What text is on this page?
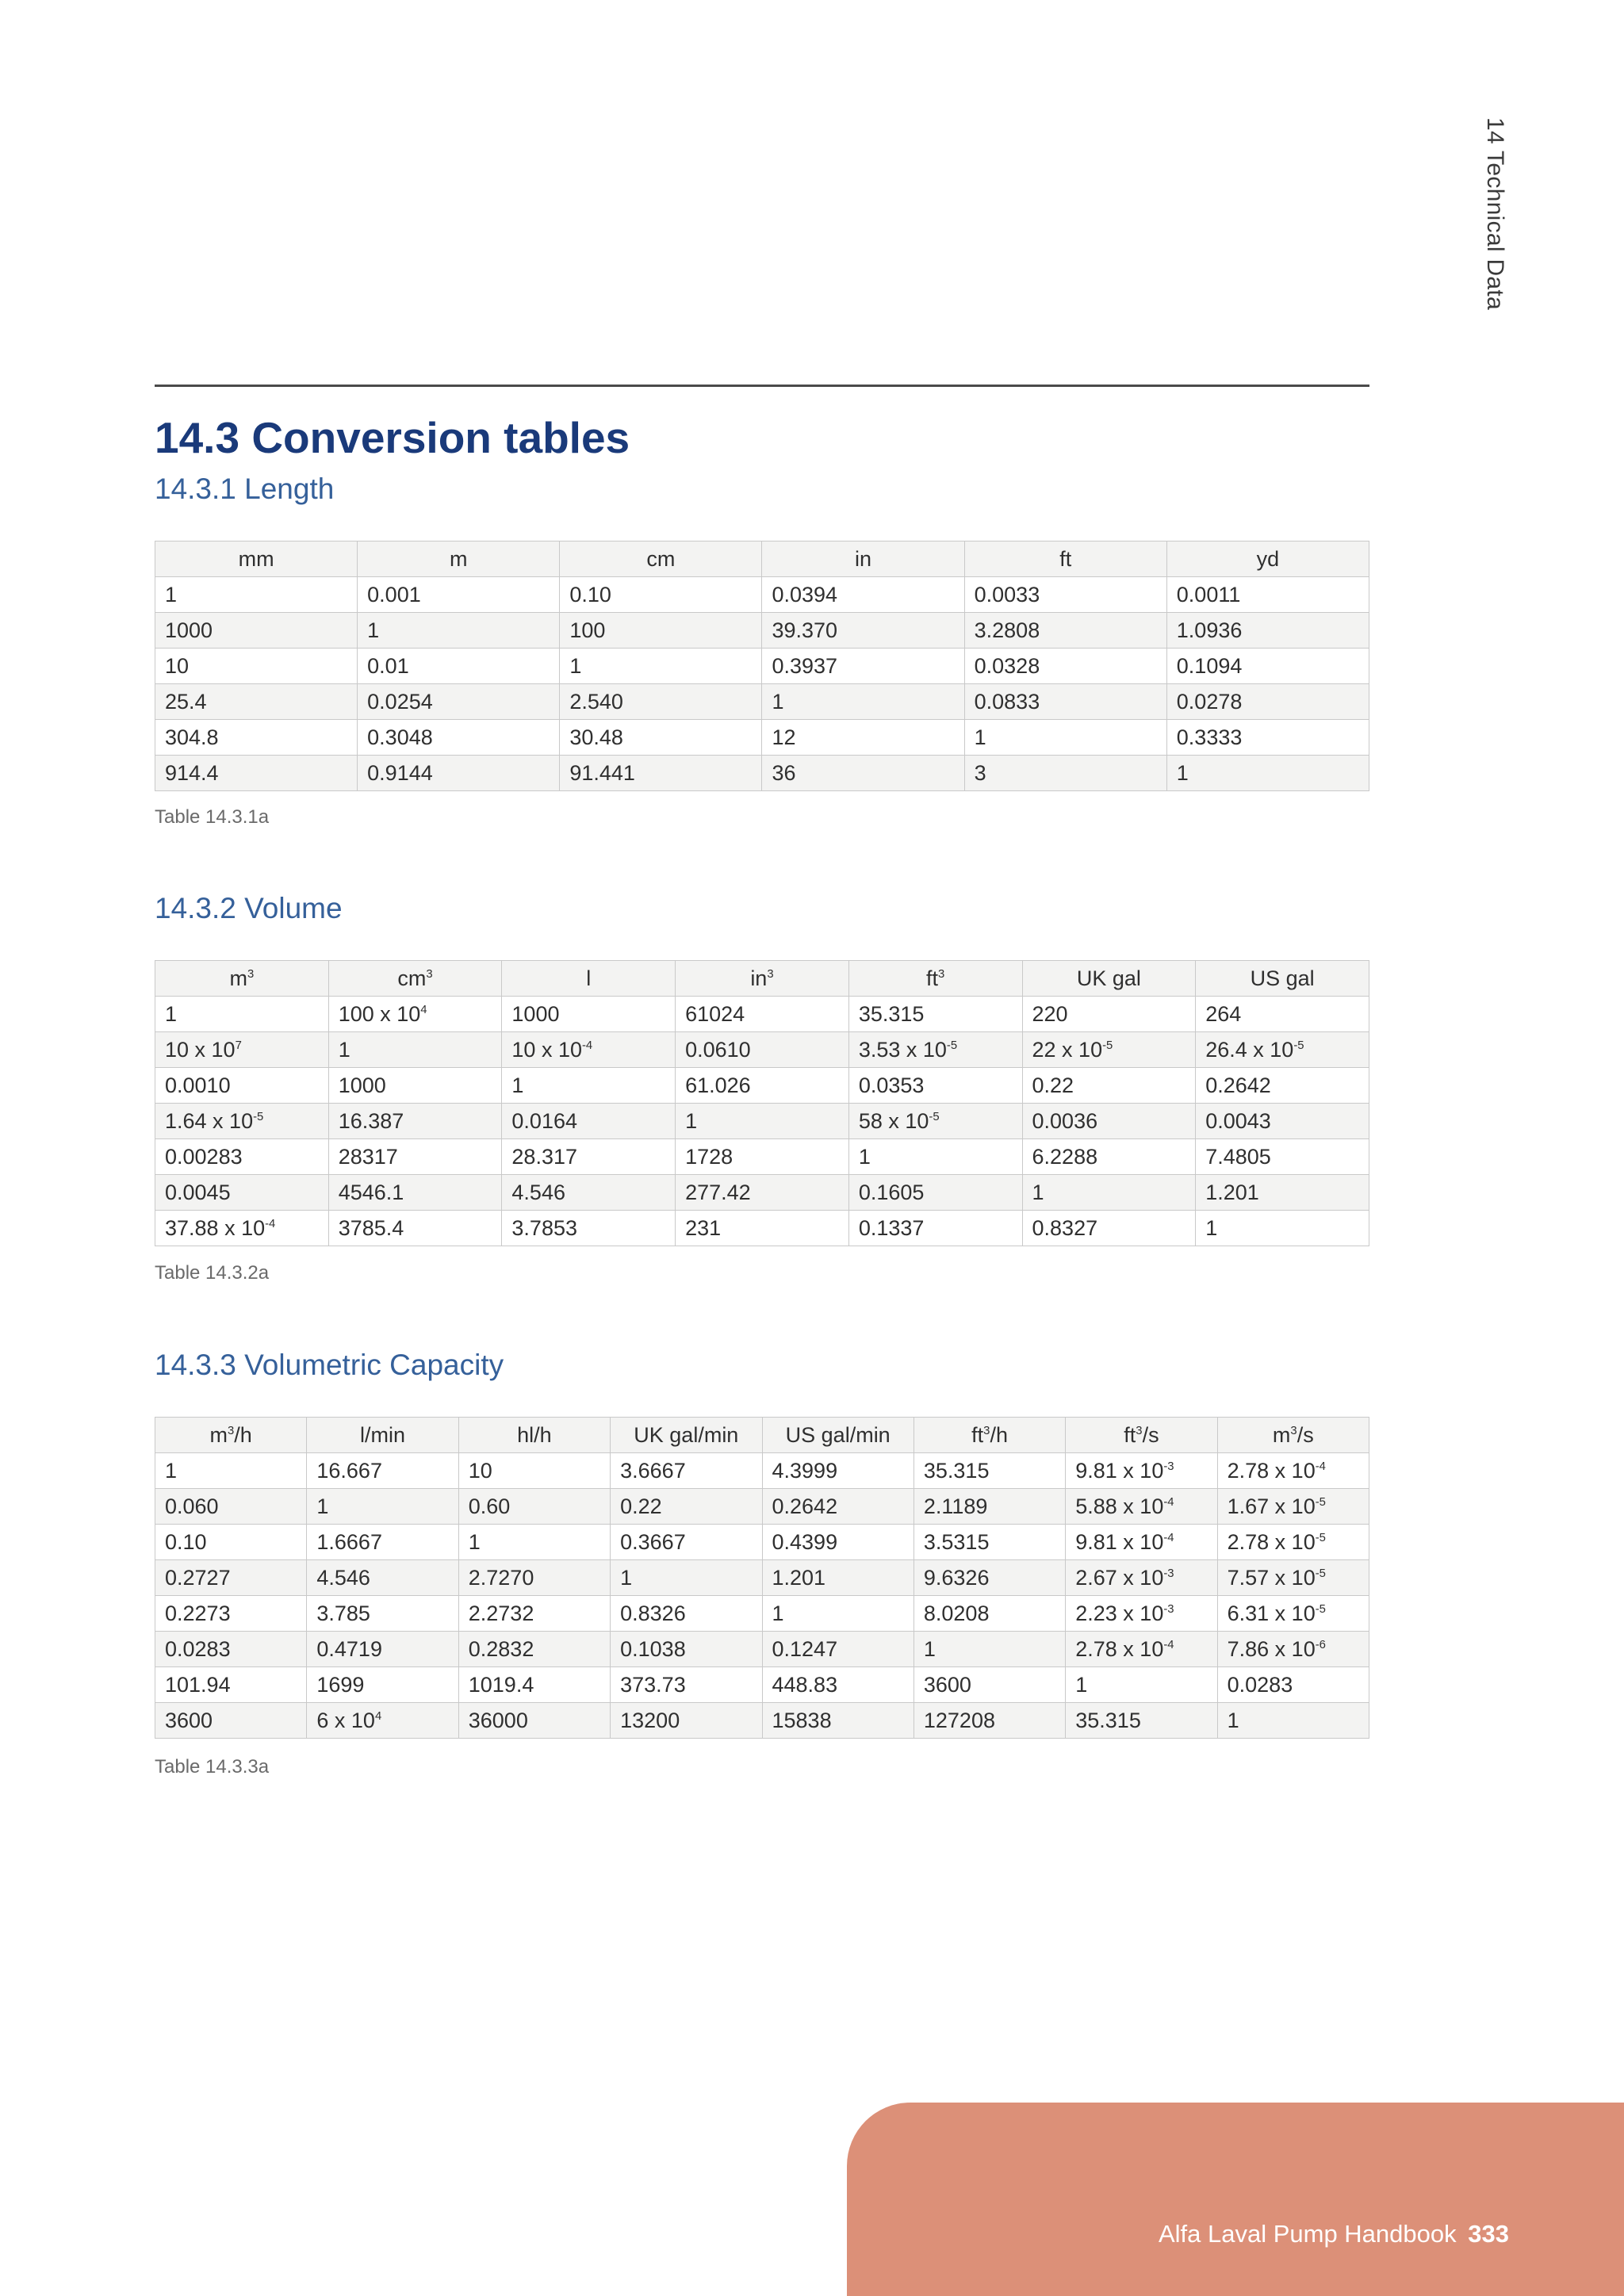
14 Technical Data
14.3 Conversion tables
14.3.1 Length
mm	m	cm	in	ft	yd
1	0.001	0.10	0.0394	0.0033	0.0011
1000	1	100	39.370	3.2808	1.0936
10	0.01	1	0.3937	0.0328	0.1094
25.4	0.0254	2.540	1	0.0833	0.0278
304.8	0.3048	30.48	12	1	0.3333
914.4	0.9144	91.441	36	3	1
Table 14.3.1a
14.3.2 Volume
$m^3$	$cm^3$	l	$in^3$	$ft^3$	UK gal	US gal
1	100 x $10^4$	1000	61024	35.315	220	264
10 x $10^7$	1	10 x $10^{-4}$	0.0610	3.53 x $10^{-5}$	22 x $10^{-5}$	26.4 x $10^{-5}$
0.0010	1000	1	61.026	0.0353	0.22	0.2642
1.64 x $10^{-5}$	16.387	0.0164	1	58 x $10^{-5}$	0.0036	0.0043
0.00283	28317	28.317	1728	1	6.2288	7.4805
0.0045	4546.1	4.546	277.42	0.1605	1	1.201
37.88 x $10^{-4}$	3785.4	3.7853	231	0.1337	0.8327	1
Table 14.3.2a
14.3.3 Volumetric Capacity
$m^3/h$	l/min	hl/h	UK gal/min	US gal/min	$ft^3/h$	$ft^3/s$	$m^3/s$
1	16.667	10	3.6667	4.3999	35.315	9.81 x $10^{-3}$	2.78 x $10^{-4}$
0.060	1	0.60	0.22	0.2642	2.1189	5.88 x $10^{-4}$	1.67 x $10^{-5}$
0.10	1.6667	1	0.3667	0.4399	3.5315	9.81 x $10^{-4}$	2.78 x $10^{-5}$
0.2727	4.546	2.7270	1	1.201	9.6326	2.67 x $10^{-3}$	7.57 x $10^{-5}$
0.2273	3.785	2.2732	0.8326	1	8.0208	2.23 x $10^{-3}$	6.31 x $10^{-5}$
0.0283	0.4719	0.2832	0.1038	0.1247	1	2.78 x $10^{-4}$	7.86 x $10^{-6}$
101.94	1699	1019.4	373.73	448.83	3600	1	0.0283
3600	6 x $10^4$	36000	13200	15838	127208	35.315	1
Table 14.3.3a
Alfa Laval Pump Handbook 333
